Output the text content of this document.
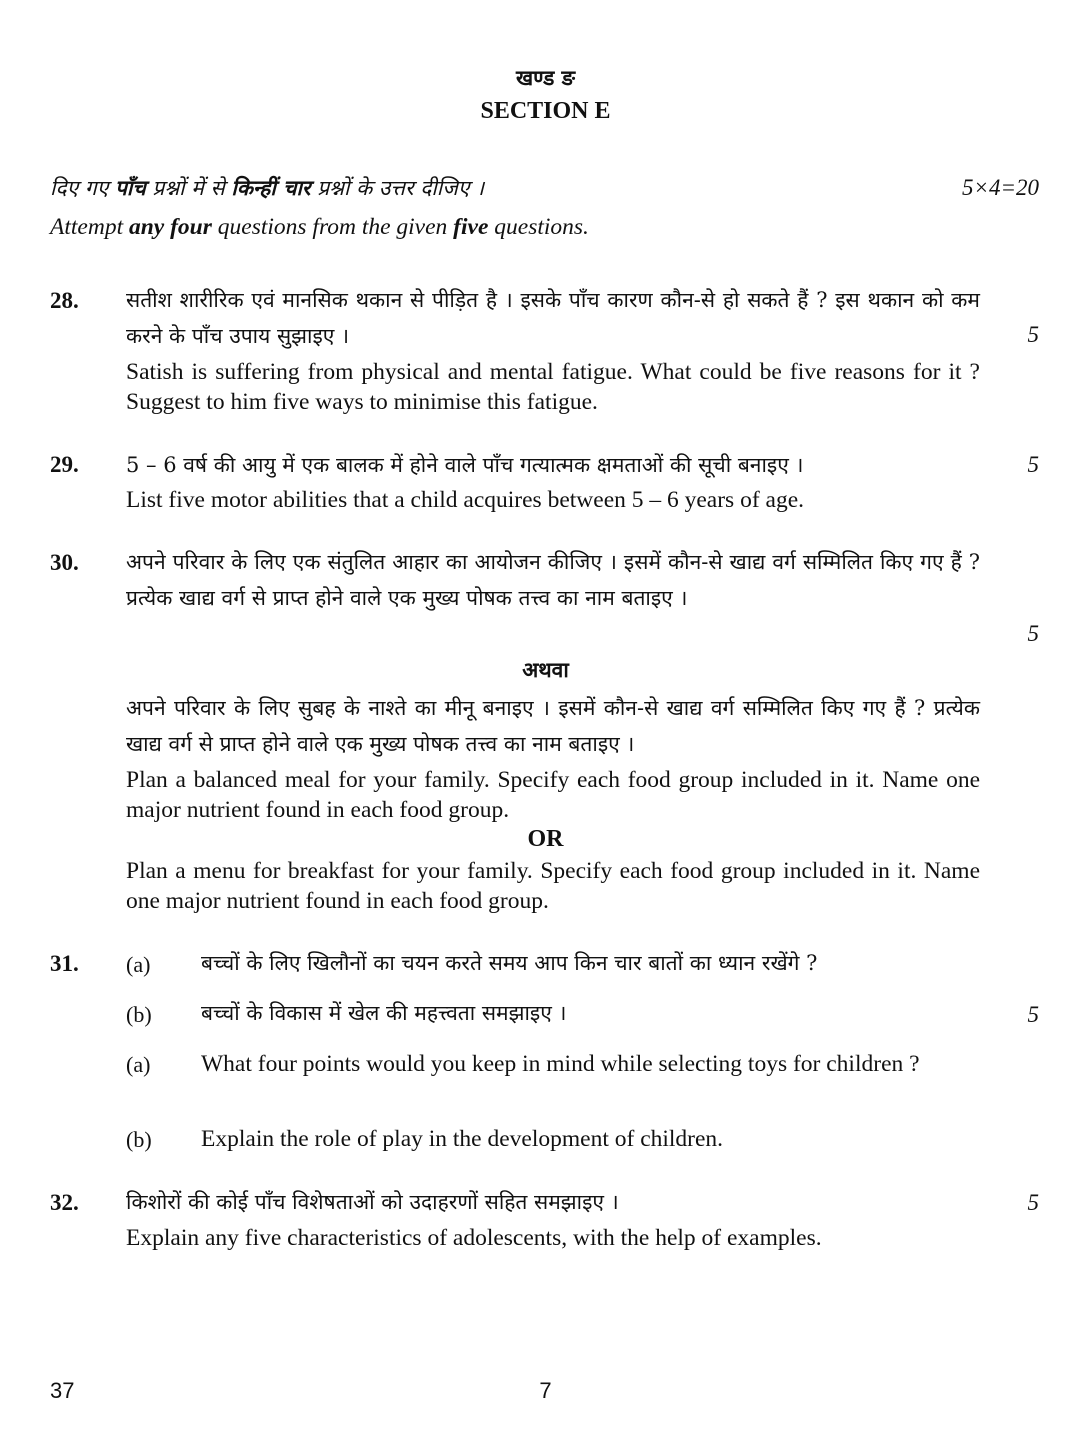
खण्ड ङ
SECTION E
दिए गए पाँच प्रश्नों में से किन्हीं चार प्रश्नों के उत्तर दीजिए ।	5×4=20
Attempt any four questions from the given five questions.
28. सतीश शारीरिक एवं मानसिक थकान से पीड़ित है । इसके पाँच कारण कौन-से हो सकते हैं ? इस थकान को कम करने के पाँच उपाय सुझाइए ।	5
Satish is suffering from physical and mental fatigue. What could be five reasons for it ? Suggest to him five ways to minimise this fatigue.
29. 5 – 6 वर्ष की आयु में एक बालक में होने वाले पाँच गत्यात्मक क्षमताओं की सूची बनाइए ।	5
List five motor abilities that a child acquires between 5 – 6 years of age.
30. अपने परिवार के लिए एक संतुलित आहार का आयोजन कीजिए । इसमें कौन-से खाद्य वर्ग सम्मिलित किए गए हैं ? प्रत्येक खाद्य वर्ग से प्राप्त होने वाले एक मुख्य पोषक तत्त्व का नाम बताइए ।
5
अथवा
अपने परिवार के लिए सुबह के नाश्ते का मीनू बनाइए । इसमें कौन-से खाद्य वर्ग सम्मिलित किए गए हैं ? प्रत्येक खाद्य वर्ग से प्राप्त होने वाले एक मुख्य पोषक तत्त्व का नाम बताइए ।
Plan a balanced meal for your family. Specify each food group included in it. Name one major nutrient found in each food group.
OR
Plan a menu for breakfast for your family. Specify each food group included in it. Name one major nutrient found in each food group.
31. (a) बच्चों के लिए खिलौनों का चयन करते समय आप किन चार बातों का ध्यान रखेंगे ?
(b) बच्चों के विकास में खेल की महत्त्वता समझाइए ।	5
(a) What four points would you keep in mind while selecting toys for children ?
(b) Explain the role of play in the development of children.
32. किशोरों की कोई पाँच विशेषताओं को उदाहरणों सहित समझाइए ।	5
Explain any five characteristics of adolescents, with the help of examples.
37	7
